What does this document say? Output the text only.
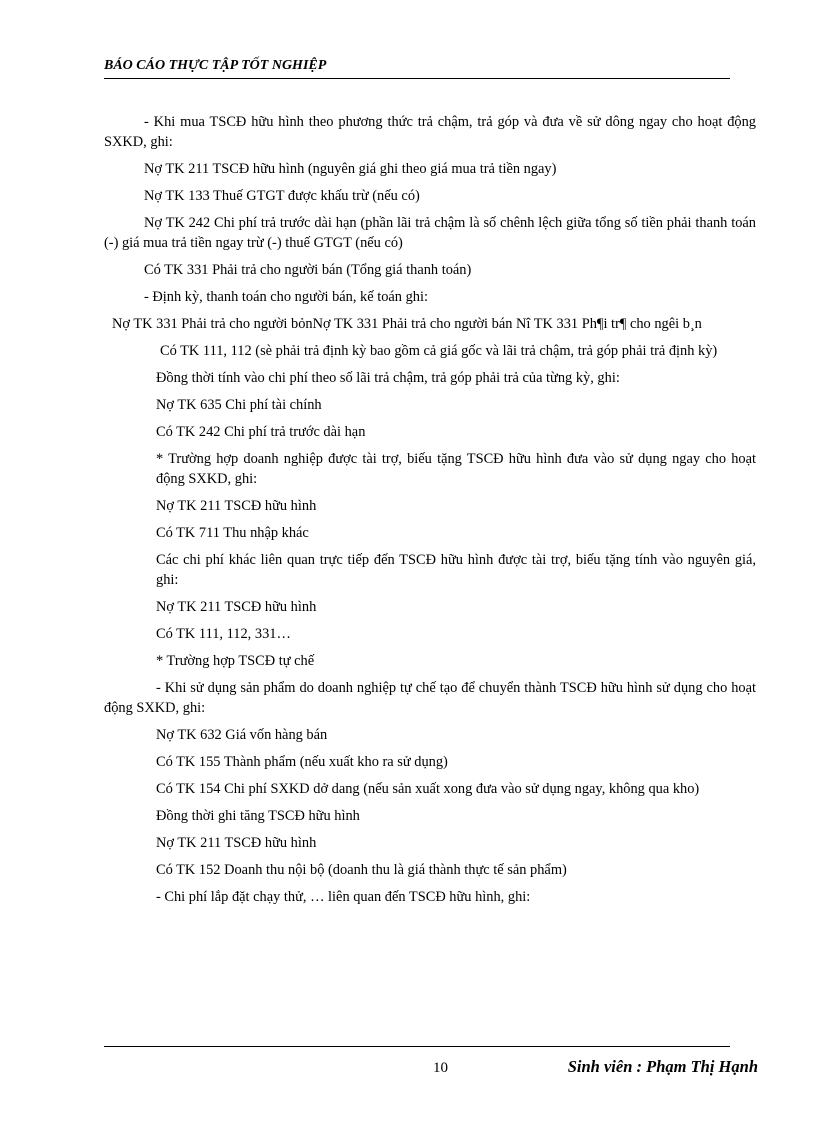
BÁO CÁO THỰC TẬP TỐT NGHIỆP

- Khi mua TSCĐ hữu hình theo phương thức trả chậm, trả góp và đưa về sử dông ngay cho hoạt động SXKD, ghi:

Nợ TK 211 TSCĐ hữu hình (nguyên giá ghi theo giá mua trả tiền ngay)

Nợ TK 133 Thuế GTGT được khấu trừ (nếu có)

Nợ TK 242 Chi phí trả trước dài hạn (phần lãi trả chậm là số chênh lệch giữa tổng số tiền phải thanh toán (-) giá mua trả tiền ngay trừ (-) thuế GTGT (nếu có)

Có TK 331 Phải trả cho người bán (Tổng giá thanh toán)

- Định kỳ, thanh toán cho người bán, kế toán ghi:

Nợ TK 331 Phải trả cho người bỏnNợ TK 331 Phải trả cho người bán Nî TK 331 Ph¶i tr¶ cho ngêi b¸n

Có TK 111, 112 (sè phải trả định kỳ bao gồm cả giá gốc và lãi trả chậm, trả góp phải trả định kỳ)

Đồng thời tính vào chi phí theo số lãi trả chậm, trả góp phải trả của từng kỳ, ghi:

Nợ TK 635 Chi phí tài chính

Có TK 242 Chi phí trả trước dài hạn

* Trường hợp doanh nghiệp được tài trợ, biếu tặng TSCĐ hữu hình đưa vào sử dụng ngay cho hoạt động SXKD, ghi:

Nợ TK 211 TSCĐ hữu hình

Có TK 711 Thu nhập khác

Các chi phí khác liên quan trực tiếp đến TSCĐ hữu hình được tài trợ, biếu tặng tính vào nguyên giá, ghi:

Nợ TK 211 TSCĐ hữu hình

Có TK 111, 112, 331…

* Trường hợp TSCĐ tự chế

- Khi sử dụng sản phẩm do doanh nghiệp tự chế tạo để chuyển thành TSCĐ hữu hình sử dụng cho hoạt động SXKD, ghi:

Nợ TK 632 Giá vốn hàng bán

Có TK 155 Thành phẩm (nếu xuất kho ra sử dụng)

Có TK 154 Chi phí SXKD dở dang (nếu sản xuất xong đưa vào sử dụng ngay, không qua kho)

Đồng thời ghi tăng TSCĐ hữu hình

Nợ TK 211 TSCĐ hữu hình

Có TK 152 Doanh thu nội bộ (doanh thu là giá thành thực tế sản phẩm)

- Chi phí lắp đặt chạy thử, … liên quan đến TSCĐ hữu hình, ghi:

10	Sinh viên : Phạm Thị Hạnh
